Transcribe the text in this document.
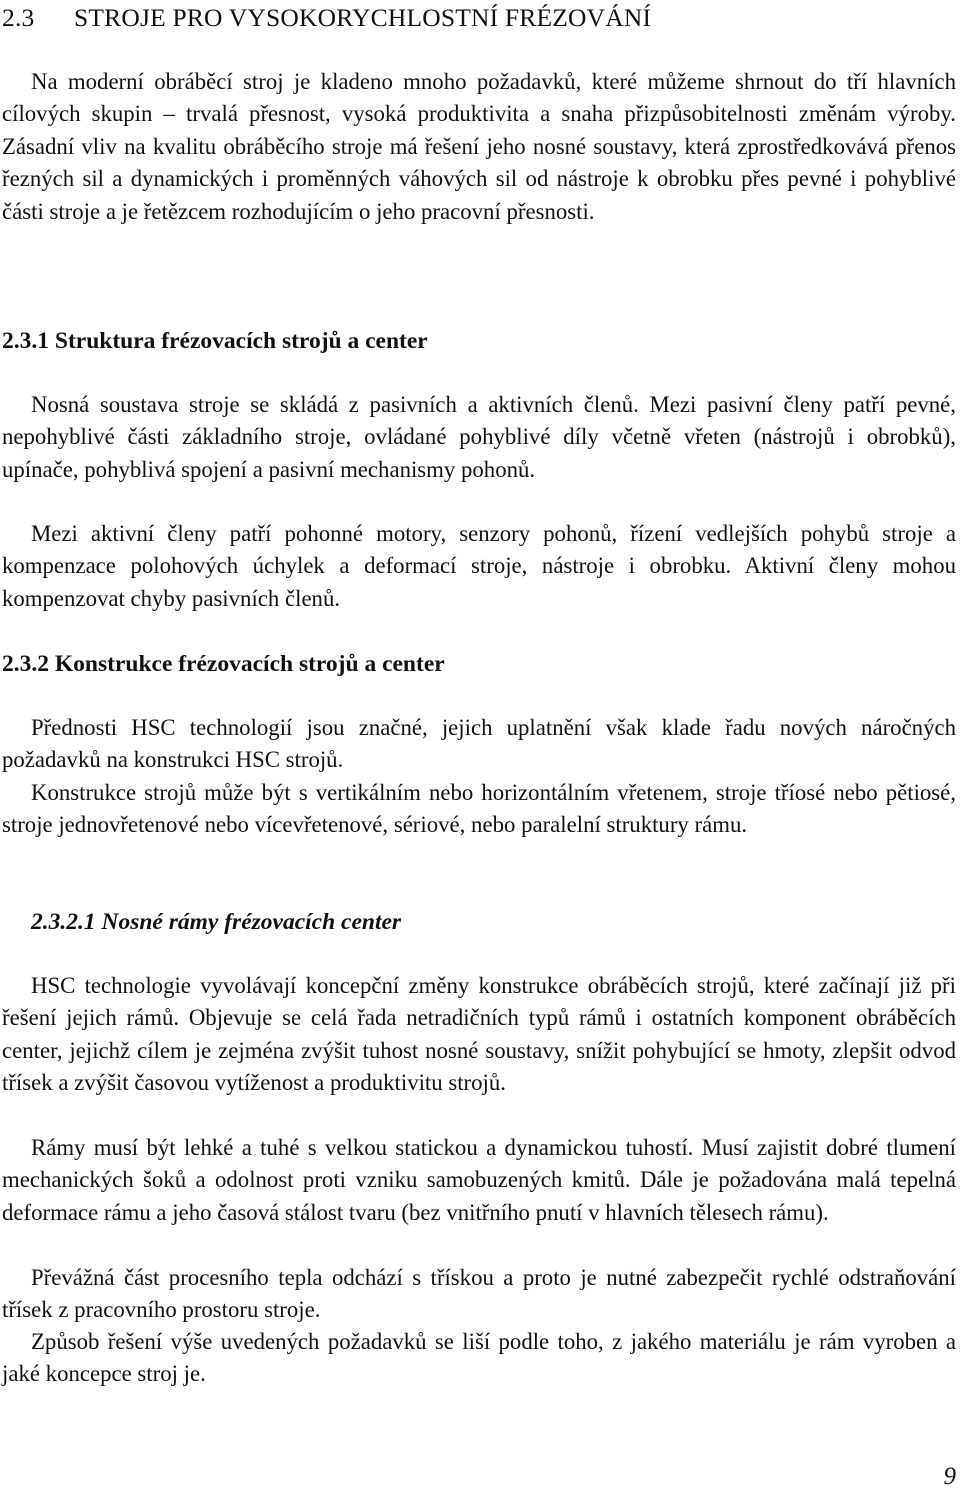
2.3 STROJE PRO VYSOKORYCHLOSTNÍ FRÉZOVÁNÍ

Na moderní obráběcí stroj je kladeno mnoho požadavků, které můžeme shrnout do tří hlavních cílových skupin – trvalá přesnost, vysoká produktivita a snaha přizpůsobitelnosti změnám výroby. Zásadní vliv na kvalitu obráběcího stroje má řešení jeho nosné soustavy, která zprostředkovává přenos řezných sil a dynamických i proměnných váhových sil od nástroje k obrobku přes pevné i pohyblivé části stroje a je řetězcem rozhodujícím o jeho pracovní přesnosti.

2.3.1 Struktura frézovacích strojů a center

Nosná soustava stroje se skládá z pasivních a aktivních členů. Mezi pasivní členy patří pevné, nepohyblivé části základního stroje, ovládané pohyblivé díly včetně vřeten (nástrojů i obrobků), upínače, pohyblivá spojení a pasivní mechanismy pohonů.

Mezi aktivní členy patří pohonné motory, senzory pohonů, řízení vedlejších pohybů stroje a kompenzace polohových úchylek a deformací stroje, nástroje i obrobku. Aktivní členy mohou kompenzovat chyby pasivních členů.

2.3.2 Konstrukce frézovacích strojů a center

Přednosti HSC technologií jsou značné, jejich uplatnění však klade řadu nových náročných požadavků na konstrukci HSC strojů.

Konstrukce strojů může být s vertikálním nebo horizontálním vřetenem, stroje tříosé nebo pětiosé, stroje jednovřetenové nebo vícevřetenové, sériové, nebo paralelní struktury rámu.

2.3.2.1 Nosné rámy frézovacích center

HSC technologie vyvolávají koncepční změny konstrukce obráběcích strojů, které začínají již při řešení jejich rámů. Objevuje se celá řada netradičních typů rámů i ostatních komponent obráběcích center, jejichž cílem je zejména zvýšit tuhost nosné soustavy, snížit pohybující se hmoty, zlepšit odvod třísek a zvýšit časovou vytíženost a produktivitu strojů.

Rámy musí být lehké a tuhé s velkou statickou a dynamickou tuhostí. Musí zajistit dobré tlumení mechanických šoků a odolnost proti vzniku samobuzených kmitů. Dále je požadována malá tepelná deformace rámu a jeho časová stálost tvaru (bez vnitřního pnutí v hlavních tělesech rámu).

Převážná část procesního tepla odchází s třískou a proto je nutné zabezpečit rychlé odstraňování třísek z pracovního prostoru stroje.

Způsob řešení výše uvedených požadavků se liší podle toho, z jakého materiálu je rám vyroben a jaké koncepce stroj je.

9
